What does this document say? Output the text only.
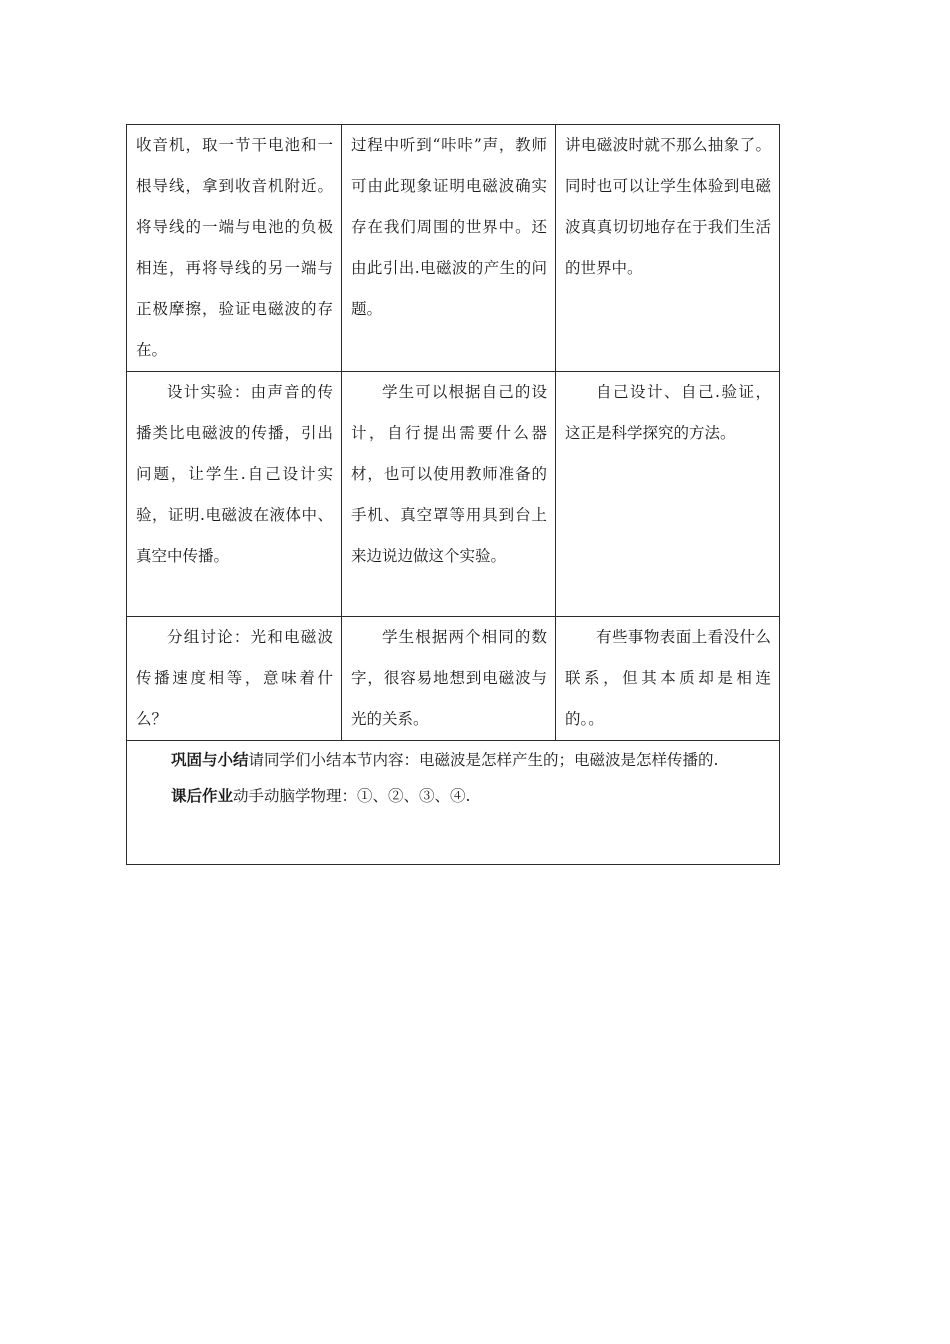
收音机，取一节干电池和一根导线，拿到收音机附近。将导线的一端与电池的负极相连，再将导线的另一端与正极摩擦，验证电磁波的存在。	过程中听到“咔咔”声，教师可由此现象证明电磁波确实存在我们周围的世界中。还由此引出.电磁波的产生的问题。	讲电磁波时就不那么抽象了。同时也可以让学生体验到电磁波真真切切地存在于我们生活的世界中。
设计实验：由声音的传播类比电磁波的传播，引出问题，让学生.自己设计实验，证明.电磁波在液体中、真空中传播。	学生可以根据自己的设计，自行提出需要什么器材，也可以使用教师准备的手机、真空罩等用具到台上来边说边做这个实验。	自己设计、自己.验证，这正是科学探究的方法。
分组讨论：光和电磁波传播速度相等，意味着什么？	学生根据两个相同的数字，很容易地想到电磁波与光的关系。	有些事物表面上看没什么联系，但其本质却是相连的。。

巩固与小结请同学们小结本节内容：电磁波是怎样产生的；电磁波是怎样传播的.
课后作业动手动脑学物理：①、②、③、④.		
